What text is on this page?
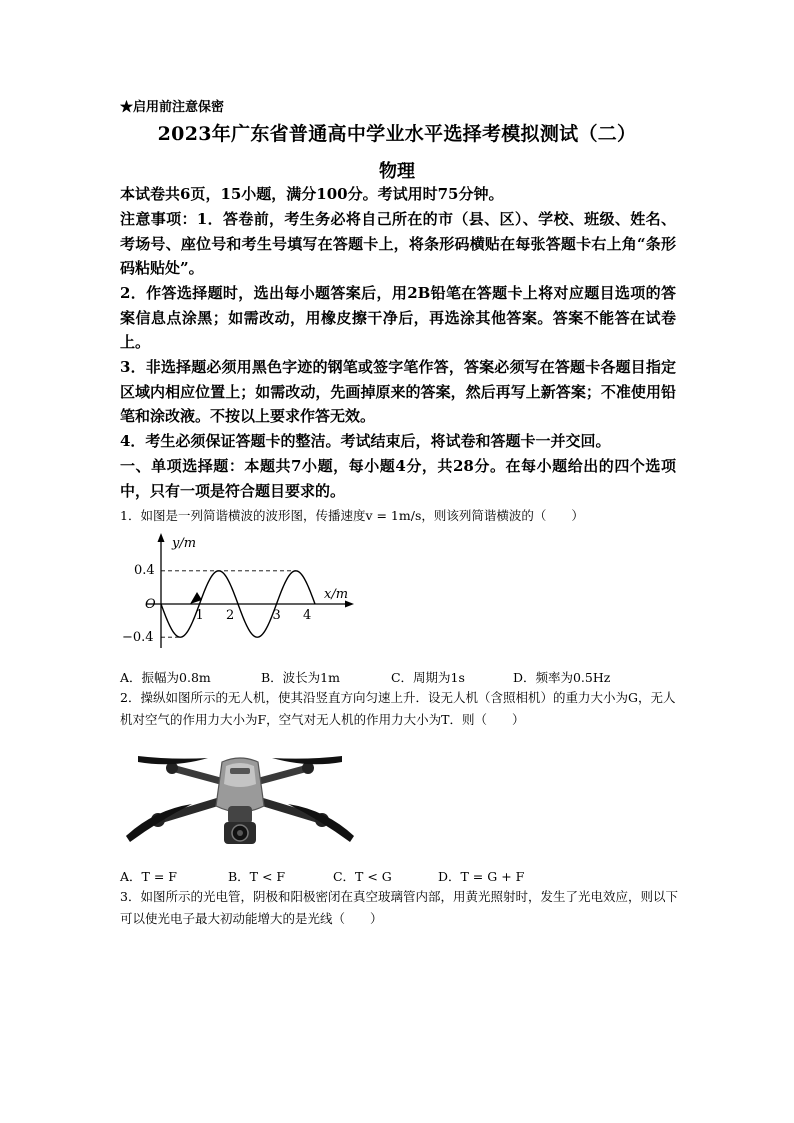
★启用前注意保密
2023年广东省普通高中学业水平选择考模拟测试（二）
物理
本试卷共6页，15小题，满分100分。考试用时75分钟。
注意事项：1．答卷前，考生务必将自己所在的市（县、区）、学校、班级、姓名、考场号、座位号和考生号填写在答题卡上，将条形码横贴在每张答题卡右上角“条形码粘贴处”。
2．作答选择题时，选出每小题答案后，用2B铅笔在答题卡上将对应题目选项的答案信息点涂黑；如需改动，用橡皮擦干净后，再选涂其他答案。答案不能答在试卷上。
3．非选择题必须用黑色字迹的钢笔或签字笔作答，答案必须写在答题卡各题目指定区域内相应位置上；如需改动，先画掉原来的答案，然后再写上新答案；不准使用铅笔和涂改液。不按以上要求作答无效。
4．考生必须保证答题卡的整洁。考试结束后，将试卷和答题卡一并交回。
一、单项选择题：本题共7小题，每小题4分，共28分。在每小题给出的四个选项中，只有一项是符合题目要求的。
1．如图是一列简谐横波的波形图，传播速度v = 1m/s，则该列简谐横波的（　　）
y/m
x/m
O
0.4
−0.4
1 2	3 4
A．振幅为0.8m	B．波长为1m	C．周期为1s	D．频率为0.5Hz
2．操纵如图所示的无人机，使其沿竖直方向匀速上升．设无人机（含照相机）的重力大小为G，无人机对空气的作用力大小为F，空气对无人机的作用力大小为T．则（　　）
A．T = F	B．T < F	C．T < G	D．T = G + F
3．如图所示的光电管，阴极和阳极密闭在真空玻璃管内部，用黄光照射时，发生了光电效应，则以下可以使光电子最大初动能增大的是光线（　　）
